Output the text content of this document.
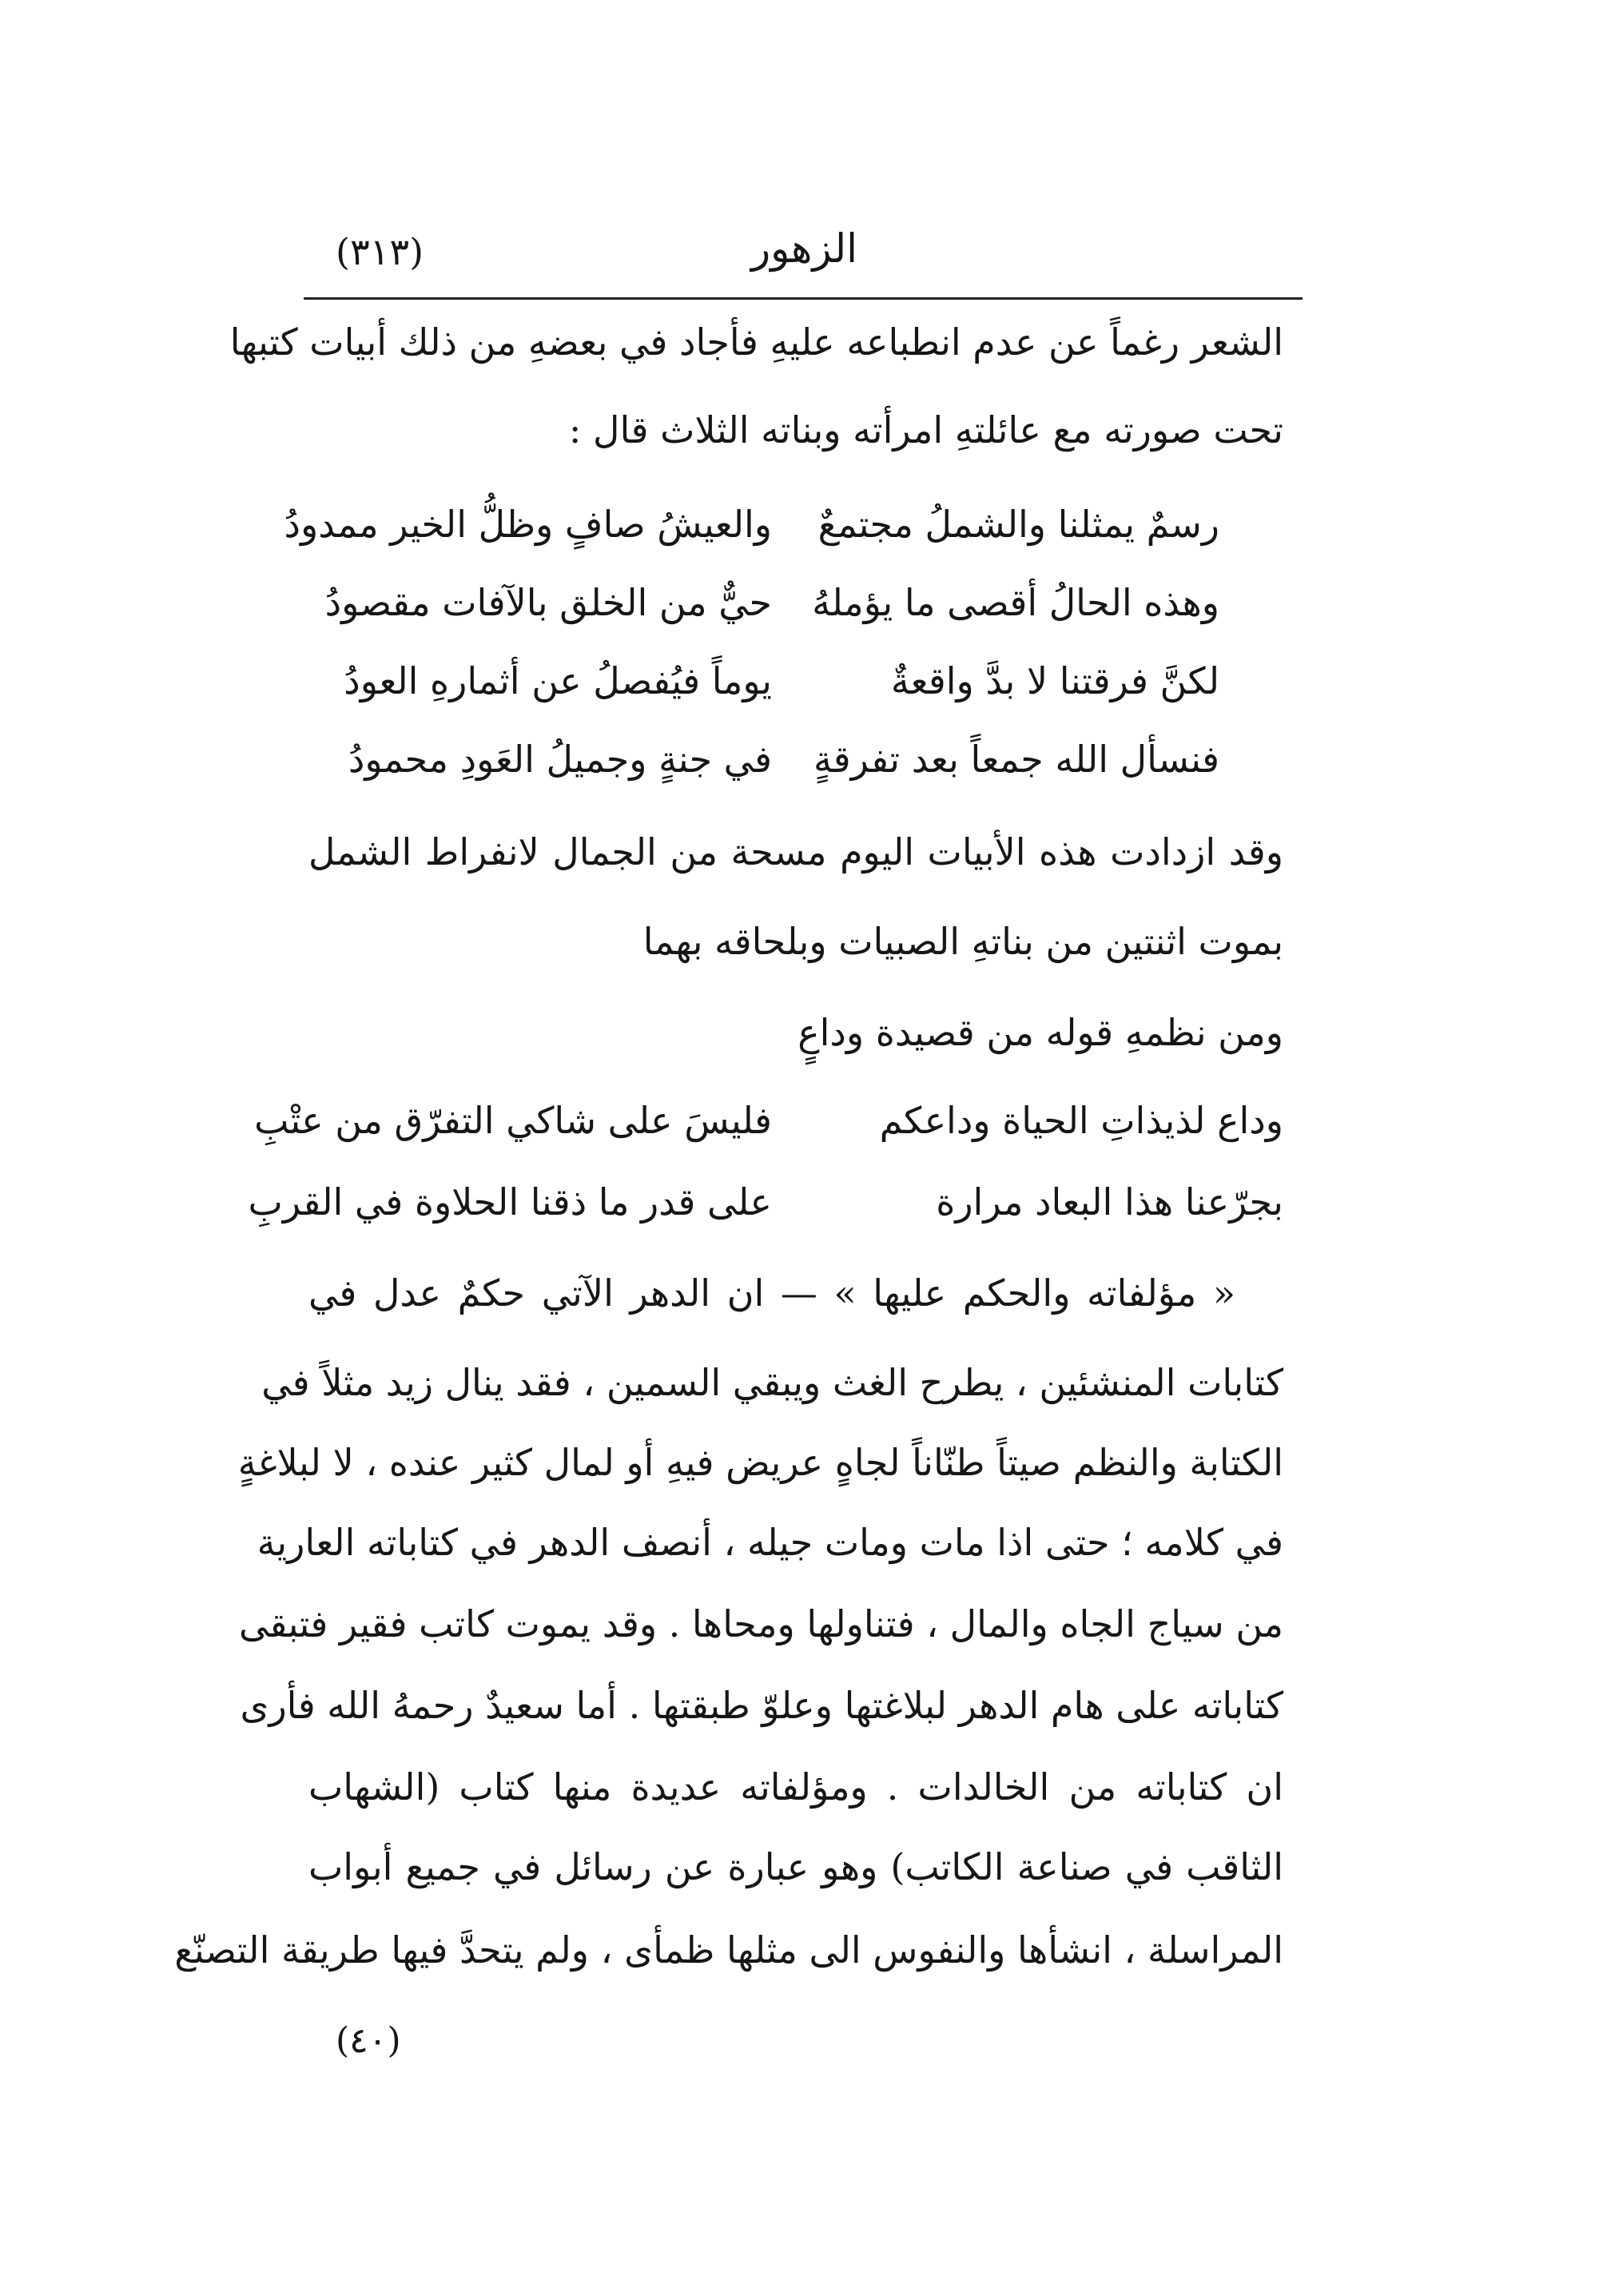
(٣١٣)	الزهور
الشعر رغماً عن عدم انطباعه عليهِ فأجاد في بعضهِ من ذلك أبيات كتبها
تحت صورته مع عائلتهِ امرأته وبناته الثلاث قال :
رسمٌ يمثلنا والشملُ مجتمعٌ
والعيشُ صافٍ وظلُّ الخير ممدودُ
وهذه الحالُ أقصى ما يؤملهُ
حيٌّ من الخلق بالآفات مقصودُ
لكنَّ فرقتنا لا بدَّ واقعةٌ
يوماً فيُفصلُ عن أثمارهِ العودُ
فنسأل الله جمعاً بعد تفرقةٍ
في جنةٍ وجميلُ العَودِ محمودُ
وقد ازدادت هذه الأبيات اليوم مسحة من الجمال لانفراط الشمل
بموت اثنتين من بناتهِ الصبيات وبلحاقه بهما
ومن نظمهِ قوله من قصيدة وداعٍ
وداع لذيذاتِ الحياة وداعكم
فليسَ على شاكي التفرّق من عتْبِ
بجرّعنا هذا البعاد مرارة
على قدر ما ذقنا الحلاوة في القربِ
« مؤلفاته والحكم عليها » — ان الدهر الآتي حكمٌ عدل في
كتابات المنشئين ، يطرح الغث ويبقي السمين ، فقد ينال زيد مثلاً في
الكتابة والنظم صيتاً طنّاناً لجاهٍ عريض فيهِ أو لمال كثير عنده ، لا لبلاغةٍ
في كلامه ؛ حتى اذا مات ومات جيله ، أنصف الدهر في كتاباته العارية
من سياج الجاه والمال ، فتناولها ومحاها . وقد يموت كاتب فقير فتبقى
كتاباته على هام الدهر لبلاغتها وعلوّ طبقتها . أما سعيدٌ رحمهُ الله فأرى
ان كتاباته من الخالدات . ومؤلفاته عديدة منها كتاب (الشهاب
الثاقب في صناعة الكاتب) وهو عبارة عن رسائل في جميع أبواب
المراسلة ، انشأها والنفوس الى مثلها ظمأى ، ولم يتحدَّ فيها طريقة التصنّع
(٤٠)
